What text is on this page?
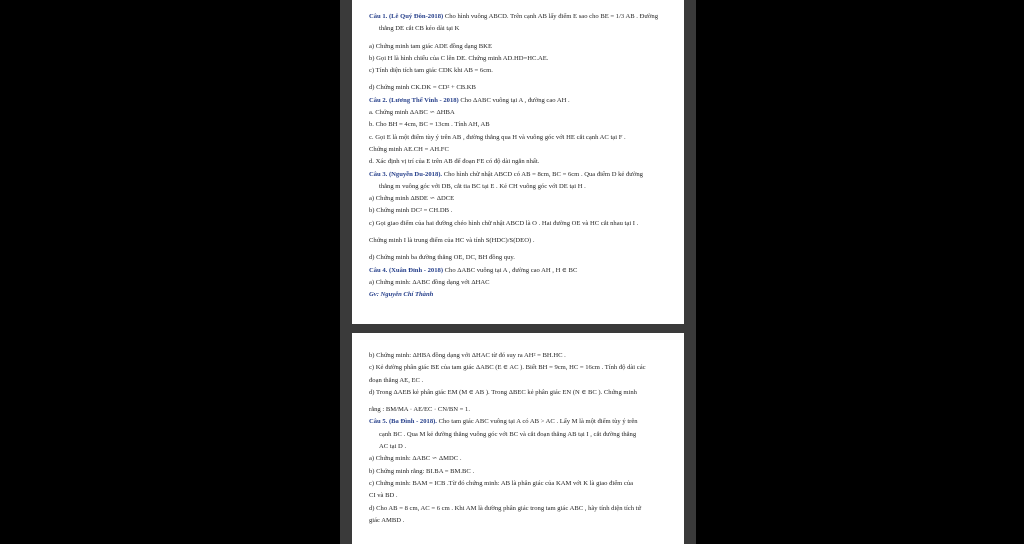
Câu 1. (Lê Quý Đôn-2018) Cho hình vuông ABCD. Trên cạnh AB lấy điểm E sao cho BE = 1/3 AB . Đường
thẳng DE cắt CB kéo dài tại K
a) Chứng minh tam giác ADE đồng dạng BKE
b) Gọi H là hình chiếu của C lên DE. Chứng minh AD.HD=HC.AE.
c) Tính diện tích tam giác CDK khi AB = 6cm.
d) Chứng minh CK.DK = CD² + CB.KB
Câu 2. (Lương Thế Vinh - 2018) Cho ΔABC vuông tại A , đường cao AH .
a. Chứng minh ΔABC ∽ ΔHBA
b. Cho BH = 4cm, BC = 13cm . Tính AH, AB
c. Gọi E là một điểm tùy ý trên AB , đường thẳng qua H và vuông góc với HE cắt cạnh AC tại F .
Chứng minh AE.CH = AH.FC
d. Xác định vị trí của E trên AB để đoạn FE có độ dài ngắn nhất.
Câu 3. (Nguyễn Du-2018). Cho hình chữ nhật ABCD có AB = 8cm, BC = 6cm . Qua điểm D kẻ đường
thẳng m vuông góc với DB, cắt tia BC tại E . Kẻ CH vuông góc với DE tại H .
a) Chứng minh ΔBDE ∽ ΔDCE
b) Chứng minh DC² = CH.DB .
c) Gọi giao điểm của hai đường chéo hình chữ nhật ABCD là O . Hai đường OE và HC cắt nhau tại I .
Chứng minh I là trung điểm của HC và tính S(HDC)/S(DEO) .
d) Chứng minh ba đường thẳng OE, DC, BH đồng quy.
Câu 4. (Xuân Đỉnh - 2018) Cho ΔABC vuông tại A , đường cao AH , H ∈ BC
a) Chứng minh: ΔABC đồng dạng với ΔHAC
Gv: Nguyễn Chí Thành
b) Chứng minh: ΔHBA đồng dạng với ΔHAC từ đó suy ra AH² = BH.HC .
c) Kẻ đường phân giác BE của tam giác ΔABC (E ∈ AC ). Biết BH = 9cm, HC = 16cm . Tính độ dài các
đoạn thẳng AE, EC .
d) Trong ΔAEB kẻ phân giác EM (M ∈ AB ). Trong ΔBEC kẻ phân giác EN (N ∈ BC ). Chứng minh
rằng : BM/MA · AE/EC · CN/BN = 1.
Câu 5. (Ba Đình - 2018). Cho tam giác ABC vuông tại A có AB > AC . Lấy M là một điểm tùy ý trên
cạnh BC . Qua M kẻ đường thẳng vuông góc với BC và cắt đoạn thẳng AB tại I , cắt đường thẳng
AC tại D .
a) Chứng minh: ΔABC ∽ ΔMDC .
b) Chứng minh rằng: BI.BA = BM.BC .
c) Chứng minh: BAM = ICB .Từ đó chứng minh: AB là phân giác của KAM với K là giao điểm của
CI và BD .
d) Cho AB = 8 cm, AC = 6 cm . Khi AM là đường phân giác trong tam giác ABC , hãy tính diện tích tứ
giác AMBD .
